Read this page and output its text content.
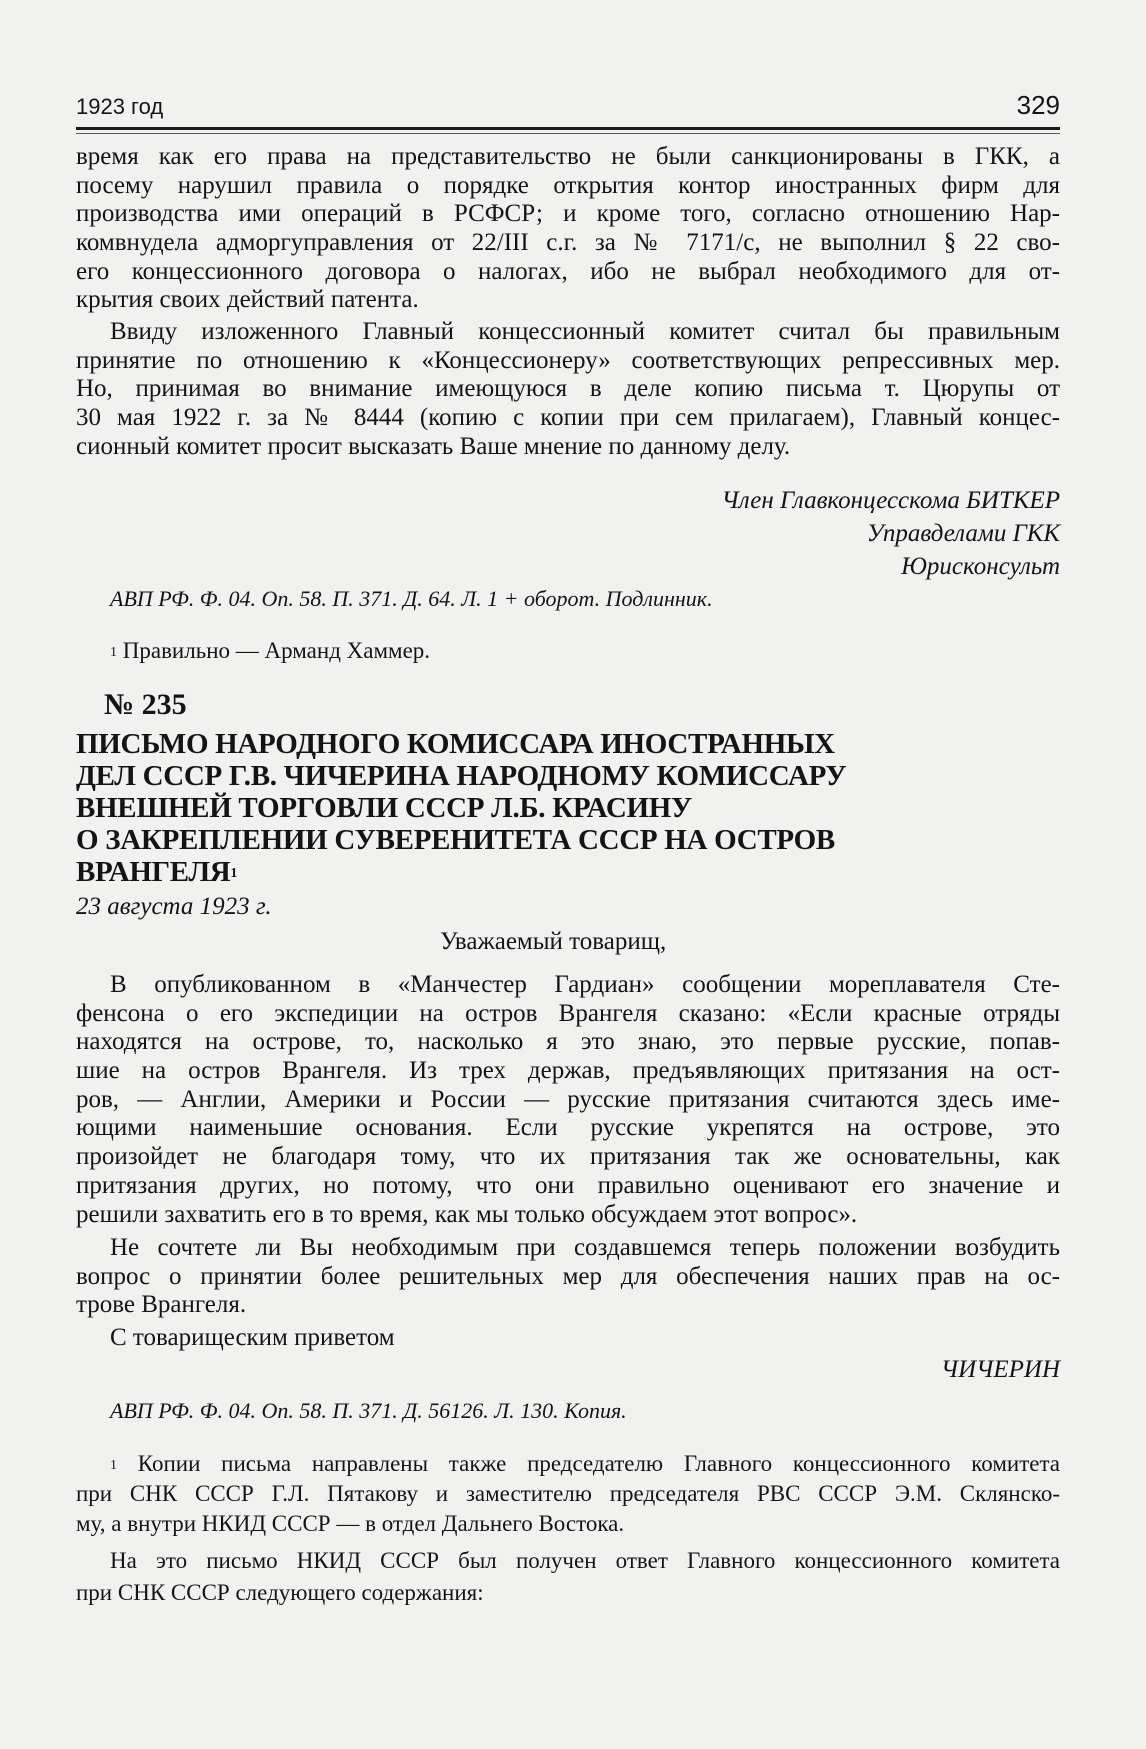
1923 год	329
время как его права на представительство не были санкционированы в ГКК, а
посему нарушил правила о порядке открытия контор иностранных фирм для
производства ими операций в РСФСР; и кроме того, согласно отношению Нар-
комвнудела адморгуправления от 22/III с.г. за № 7171/с, не выполнил § 22 сво-
его концессионного договора о налогах, ибо не выбрал необходимого для от-
крытия своих действий патента.
Ввиду изложенного Главный концессионный комитет считал бы правильным
принятие по отношению к «Концессионеру» соответствующих репрессивных мер.
Но, принимая во внимание имеющуюся в деле копию письма т. Цюрупы от
30 мая 1922 г. за № 8444 (копию с копии при сем прилагаем), Главный концес-
сионный комитет просит высказать Ваше мнение по данному делу.
Член Главконцесскома БИТКЕР
Управделами ГКК
Юрисконсульт
АВП РФ. Ф. 04. Оп. 58. П. 371. Д. 64. Л. 1 + оборот. Подлинник.
$^1$ Правильно — Арманд Хаммер.
№ 235
ПИСЬМО НАРОДНОГО КОМИССАРА ИНОСТРАННЫХ
ДЕЛ СССР Г.В. ЧИЧЕРИНА НАРОДНОМУ КОМИССАРУ
ВНЕШНЕЙ ТОРГОВЛИ СССР Л.Б. КРАСИНУ
О ЗАКРЕПЛЕНИИ СУВЕРЕНИТЕТА СССР НА ОСТРОВ
ВРАНГЕЛЯ$^1$
23 августа 1923 г.
Уважаемый товарищ,
В опубликованном в «Манчестер Гардиан» сообщении мореплавателя Сте-
фенсона о его экспедиции на остров Врангеля сказано: «Если красные отряды
находятся на острове, то, насколько я это знаю, это первые русские, попав-
шие на остров Врангеля. Из трех держав, предъявляющих притязания на ост-
ров, — Англии, Америки и России — русские притязания считаются здесь име-
ющими наименьшие основания. Если русские укрепятся на острове, это
произойдет не благодаря тому, что их притязания так же основательны, как
притязания других, но потому, что они правильно оценивают его значение и
решили захватить его в то время, как мы только обсуждаем этот вопрос».
Не сочтете ли Вы необходимым при создавшемся теперь положении возбудить
вопрос о принятии более решительных мер для обеспечения наших прав на ос-
трове Врангеля.
С товарищеским приветом
ЧИЧЕРИН
АВП РФ. Ф. 04. Оп. 58. П. 371. Д. 56126. Л. 130. Копия.
$^1$ Копии письма направлены также председателю Главного концессионного комитета
при СНК СССР Г.Л. Пятакову и заместителю председателя РВС СССР Э.М. Склянско-
му, а внутри НКИД СССР — в отдел Дальнего Востока.
На это письмо НКИД СССР был получен ответ Главного концессионного комитета
при СНК СССР следующего содержания:
